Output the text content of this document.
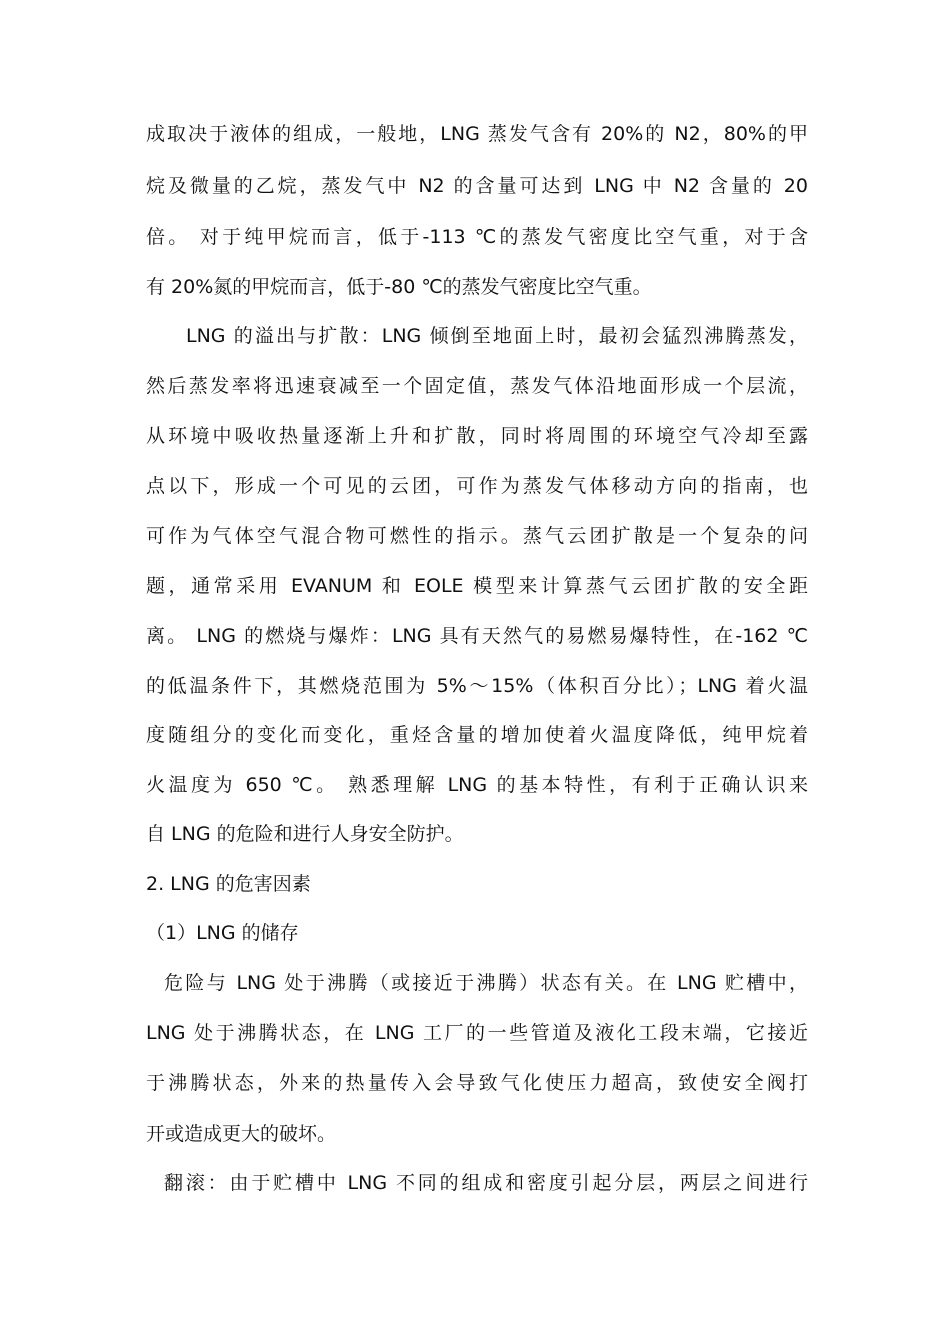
成取决于液体的组成，一般地，LNG 蒸发气含有 20%的 N2，80%的甲
烷及微量的乙烷，蒸发气中 N2 的含量可达到 LNG 中 N2 含量的 20
倍。 对于纯甲烷而言，低于-113 ℃的蒸发气密度比空气重，对于含
有 20%氮的甲烷而言，低于-80 ℃的蒸发气密度比空气重。
LNG 的溢出与扩散：LNG 倾倒至地面上时，最初会猛烈沸腾蒸发，
然后蒸发率将迅速衰减至一个固定值，蒸发气体沿地面形成一个层流，
从环境中吸收热量逐渐上升和扩散，同时将周围的环境空气冷却至露
点以下，形成一个可见的云团，可作为蒸发气体移动方向的指南，也
可作为气体空气混合物可燃性的指示。蒸气云团扩散是一个复杂的问
题，通常采用 EVANUM 和 EOLE 模型来计算蒸气云团扩散的安全距
离。 LNG 的燃烧与爆炸：LNG 具有天然气的易燃易爆特性，在-162 ℃
的低温条件下，其燃烧范围为 5%～15%（体积百分比）；LNG 着火温
度随组分的变化而变化，重烃含量的增加使着火温度降低，纯甲烷着
火温度为 650 ℃。 熟悉理解 LNG 的基本特性，有利于正确认识来
自 LNG 的危险和进行人身安全防护。
2. LNG 的危害因素
（1）LNG 的储存
危险与 LNG 处于沸腾（或接近于沸腾）状态有关。在 LNG 贮槽中，
LNG 处于沸腾状态，在 LNG 工厂的一些管道及液化工段末端，它接近
于沸腾状态，外来的热量传入会导致气化使压力超高，致使安全阀打
开或造成更大的破坏。
翻滚：由于贮槽中 LNG 不同的组成和密度引起分层，两层之间进行
